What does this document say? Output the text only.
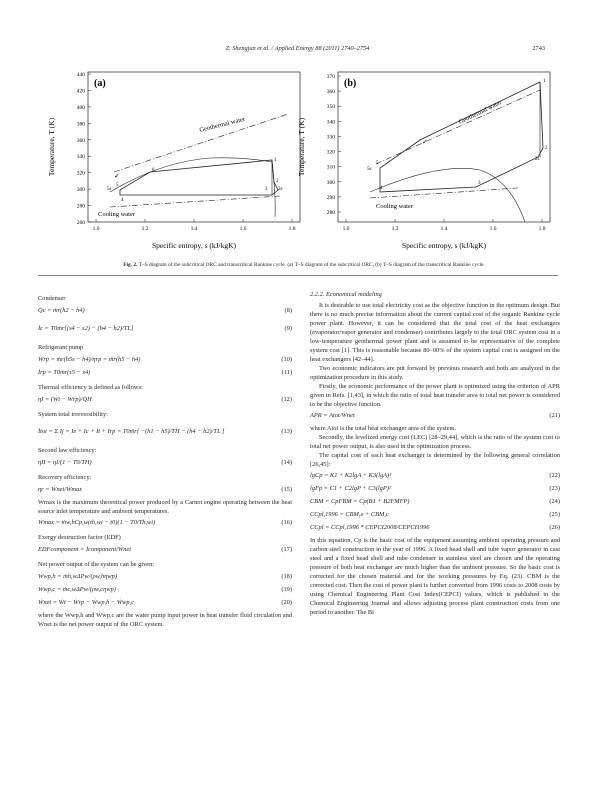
Z. Shengjun et al. / Applied Energy 88 (2011) 2740–2754	2743
(a)
Temperature, T (K)
Specific entropy, s (kJ/kgK)
260
280
300
320
340
360
380
400
420
440
1.0	1.2	1.4	1.6	1.8
✓
Geothermal water
Cooling water
1
2
2s
3
4
5
5s
6
(b)
Temperature, T (K)
Specific entropy, s (kJ/kgK)
280
290
300
310
320
330
340
350
360
370
1.0	1.2	1.4	1.6	1.8
✓
Geothermal water
Cooling water
1
2
2s
3
4
5
5s
Fig. 2. T–S diagram of the subcritical ORC and transcritical Rankine cycle. (a) T–S diagram of the subcritical ORC, (b) T–S diagram of the transcritical Rankine cycle.
Condenser
Q̇c = ṁr(h2 − h4)	(8)
İc = T0ṁr[(s4 − s2) − (h4 − h2)/TL]	(9)
Refrigerant pump
Ẇrp = ṁr(h5s − h4)/ηrp = ṁr(h5 − h4)	(10)
İrp = T0ṁr(s5 − s4)	(11)
Thermal efficiency is defined as follows:
ηI = (Ẇt − Ẇrp)/Q̇H	(12)
System total irreversibility:
İtot = Σ Ij = Ie + Ic + It + Irp = T0ṁr[ −(h1 − h5)/TH − (h4 − h2)/TL ]	(13)
Second law efficiency:
ηII = ηI/(1 − T0/TH)	(14)
Recovery efficiency:
ηr = Ẇnet/Ẇmax	(15)

Ẇmax is the maximum theoretical power produced by a Carnot engine operating between the heat source inlet temperature and ambient temperatures.

Ẇmax = ṁw,hCp,w(th,wi − t0)(1 − T0/Th,wi)	(16)
Exergy destruction factor (EDF)
EDFcomponent = İcomponent/Ẇnet	(17)
Net power output of the system can be given:
Ẇwp,h = ṁh,wΔPw/(ρw,hηwp)	(18)
Ẇwp,c = ṁc,wΔPw/(ρw,cηwp)	(19)
Ẇnet = Ẇt − Ẇrp − Ẇwp,h − Ẇwp,c	(20)

where the Ẇwp,h and Ẇwp,c are the water pump input power in heat transfer fluid circulation and Ẇnet is the net power output of the ORC system.

2.2.2. Economical modeling

It is desirable to use total electricity cost as the objective function in the optimum design. But there is no much precise information about the current capital cost of the organic Rankine cycle power plant. However, it can be considered that the total cost of the heat exchangers (evaporator/vapor generator and condenser) contributes largely to the total ORC system cost in a low-temperature geothermal power plant and is assumed to be representative of the complete system cost [1]. This is reasonable because 80–90% of the system capital cost is assigned on the heat exchangers [42–44].

Two economic indicators are put forward by previous research and both are analyzed in the optimization procedure in this study.

Firstly, the economic performance of the power plant is optimized using the criterion of APR given in Refs. [1,43], in which the ratio of total heat transfer area to total net power is considered to be the objective function.

APR = Atot/Ẇnet	(21)

where Atot is the total heat exchanger area of the system.

Secondly, the levelized energy cost (LEC) [28–29,44], which is the ratio of the system cost to total net power output, is also used in the optimization process.

The capital cost of each heat exchanger is determined by the following general correlation [26,45]:

lgCp = K1 + K2lgA + K3(lgA)²	(22)
lgFp = C1 + C2lgP + C3(lgP)²	(23)
CBM = CpFBM = Cp(B1 + B2FMFP)	(24)
CCpl,1996 = CBM,e + CBM,c	(25)
CCpl = CCpl,1996 * CEPCI2008/CEPCI1996	(26)

In this equation, Cp is the basic cost of the equipment assuming ambient operating pressure and carbon steel construction in the year of 1996. A fixed head shell and tube vapor generator in cast steel and a fixed head shell and tube condenser in stainless steel are chosen and the operating pressure of both heat exchanger are much higher than the ambient pressure. So the basic cost is corrected for the chosen material and for the working pressures by Eq. (23). CBM is the corrected cost. Then the cost of power plant is further converted from 1996 costs to 2008 costs by using Chemical Engineering Plant Cost Index(CEPCI) values, which is published in the Chemical Engineering Journal and allows adjusting process plant construction costs from one period to another. The Bi
